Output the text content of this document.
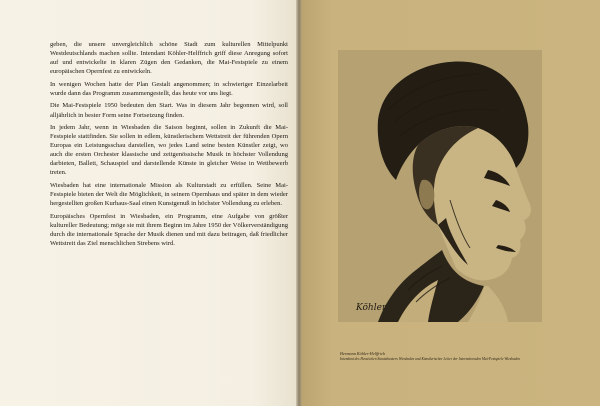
geben, die unsere unvergleichlich schöne Stadt zum kulturellen Mittelpunkt Westdeutschlands machen sollte. Intendant Köhler-Helffrich griff diese Anregung sofort auf und entwickelte in klaren Zügen den Gedanken, die Mai-Festspiele zu einem europäischen Opernfest zu entwickeln.

In wenigen Wochen hatte der Plan Gestalt angenommen; in schwieriger Einzelarbeit wurde dann das Programm zusammengestellt, das heute vor uns liegt.

Die Mai-Festspiele 1950 bedeuten den Start. Was in diesem Jahr begonnen wird, soll alljährlich in bester Form seine Fortsetzung finden.

In jedem Jahr, wenn in Wiesbaden die Saison beginnt, sollen in Zukunft die Mai-Festspiele stattfinden. Sie sollen in edlem, künstlerischem Wettstreit der führenden Opern Europas ein Leistungsschau darstellen, wo jedes Land seine besten Künstler zeigt, wo auch die ersten Orchester klassische und zeitgenössische Musik in höchster Vollendung darbieten, Ballett, Schauspiel und darstellende Künste in gleicher Weise in Wettbewerb treten.

Wiesbaden hat eine internationale Mission als Kulturstadt zu erfüllen. Seine Mai-Festspiele bieten der Welt die Möglichkeit, in seinem Opernhaus und später in dem wieder hergestellten großen Kurhaus-Saal einen Kunstgenuß in höchster Vollendung zu erleben.

Europäisches Opernfest in Wiesbaden, ein Programm, eine Aufgabe von größter kultureller Bedeutung; möge sie mit ihrem Beginn im Jahre 1950 der Völkerverständigung durch die internationale Sprache der Musik dienen und mit dazu beitragen, daß friedlicher Wettstreit das Ziel menschlichen Strebens wird.

Köhler
Hermann Köhler-Helffrich
Intendant des Hessischen Staatstheaters Wiesbaden und Künstlerischer Leiter der Internationalen Mai-Festspiele Wiesbaden
